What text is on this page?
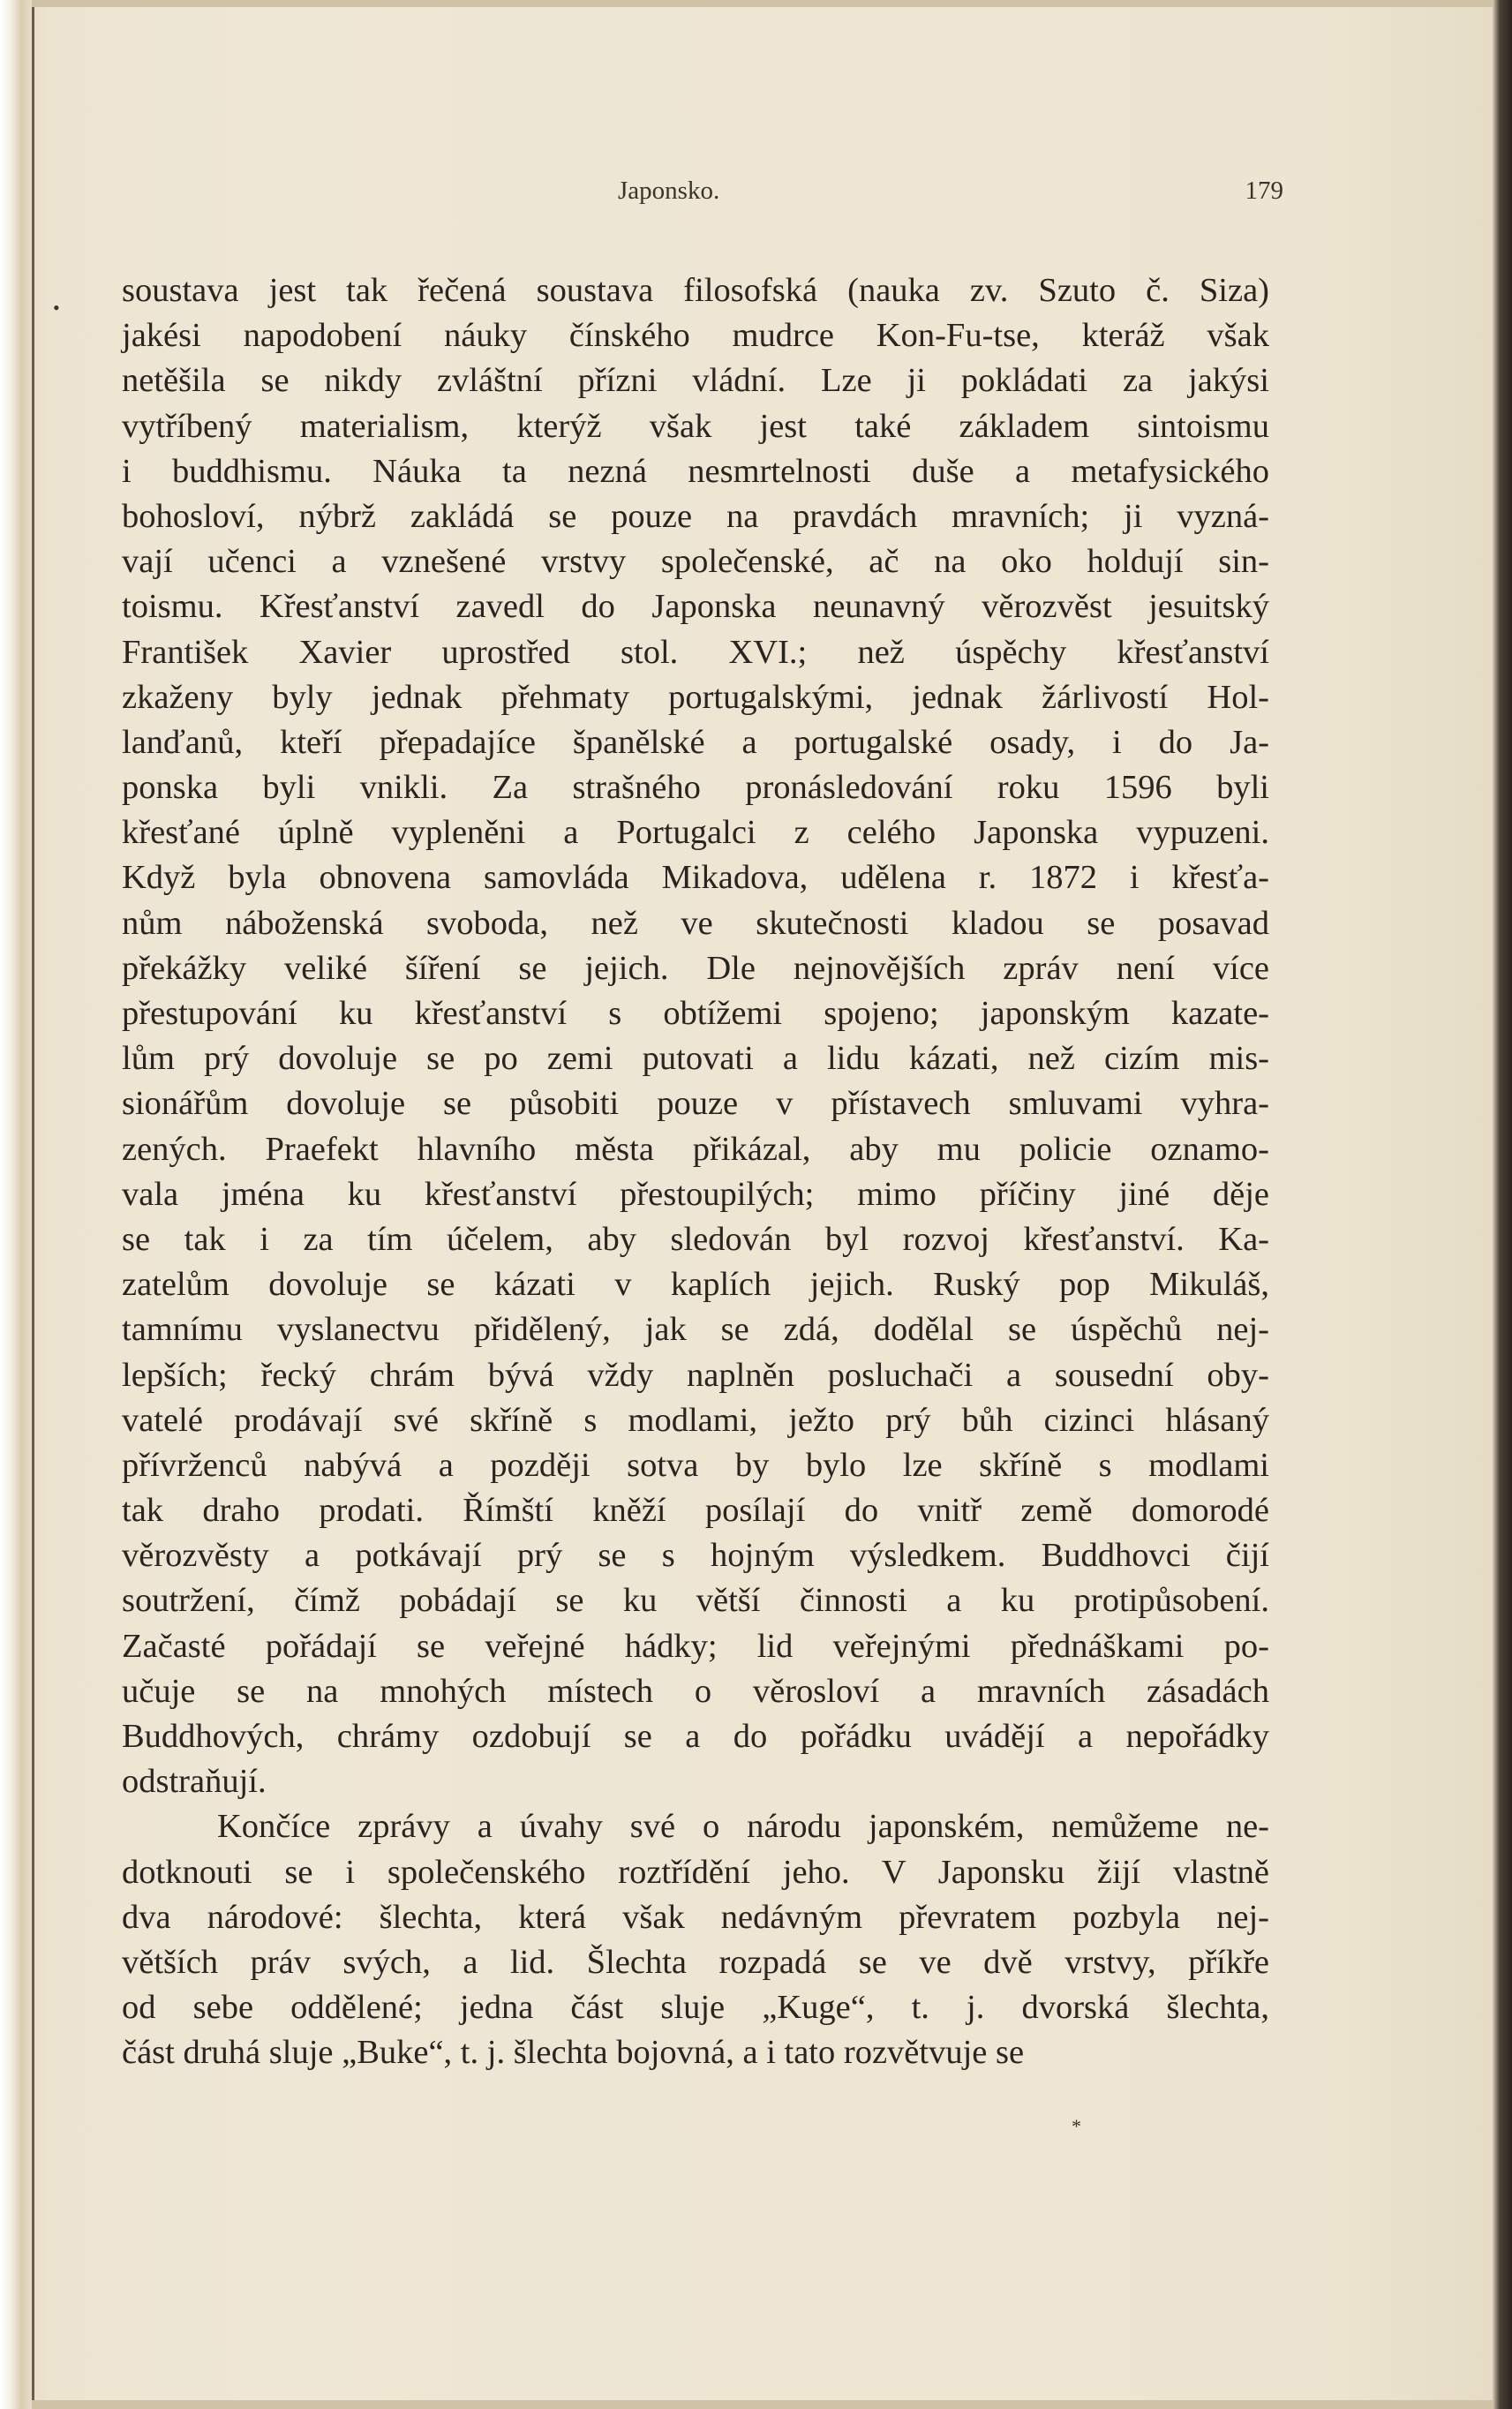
Japonsko.	179
• soustava jest tak řečená soustava filosofská (nauka zv. Szuto č. Siza)
jakési napodobení náuky čínského mudrce Kon-Fu-tse, kteráž však
netěšila se nikdy zvláštní přízni vládní. Lze ji pokládati za jakýsi
vytříbený materialism, kterýž však jest také základem sintoismu
i buddhismu. Náuka ta nezná nesmrtelnosti duše a metafysického
bohosloví, nýbrž zakládá se pouze na pravdách mravních; ji vyzná-
vají učenci a vznešené vrstvy společenské, ač na oko holdují sin-
toismu. Křesťanství zavedl do Japonska neunavný věrozvěst jesuitský
František Xavier uprostřed stol. XVI.; než úspěchy křesťanství
zkaženy byly jednak přehmaty portugalskými, jednak žárlivostí Hol-
lanďanů, kteří přepadajíce španělské a portugalské osady, i do Ja-
ponska byli vnikli. Za strašného pronásledování roku 1596 byli
křesťané úplně vypleněni a Portugalci z celého Japonska vypuzeni.
Když byla obnovena samovláda Mikadova, udělena r. 1872 i křesťa-
nům náboženská svoboda, než ve skutečnosti kladou se posavad
překážky veliké šíření se jejich. Dle nejnovějších zpráv není více
přestupování ku křesťanství s obtížemi spojeno; japonským kazate-
lům prý dovoluje se po zemi putovati a lidu kázati, než cizím mis-
sionářům dovoluje se působiti pouze v přístavech smluvami vyhra-
zených. Praefekt hlavního města přikázal, aby mu policie oznamo-
vala jména ku křesťanství přestoupilých; mimo příčiny jiné děje
se tak i za tím účelem, aby sledován byl rozvoj křesťanství. Ka-
zatelům dovoluje se kázati v kaplích jejich. Ruský pop Mikuláš,
tamnímu vyslanectvu přidělený, jak se zdá, dodělal se úspěchů nej-
lepších; řecký chrám bývá vždy naplněn posluchači a sousední oby-
vatelé prodávají své skříně s modlami, ježto prý bůh cizinci hlásaný
přívrženců nabývá a později sotva by bylo lze skříně s modlami
tak draho prodati. Římští kněží posílají do vnitř země domorodé
věrozvěsty a potkávají prý se s hojným výsledkem. Buddhovci čijí
soutržení, čímž pobádají se ku větší činnosti a ku protipůsobení.
Začasté pořádají se veřejné hádky; lid veřejnými přednáškami po-
učuje se na mnohých místech o věrosloví a mravních zásadách
Buddhových, chrámy ozdobují se a do pořádku uvádějí a nepořádky
odstraňují.
Končíce zprávy a úvahy své o národu japonském, nemůžeme ne-
dotknouti se i společenského roztřídění jeho. V Japonsku žijí vlastně
dva národové: šlechta, která však nedávným převratem pozbyla nej-
větších práv svých, a lid. Šlechta rozpadá se ve dvě vrstvy, příkře
od sebe oddělené; jedna část sluje „Kuge“, t. j. dvorská šlechta,
část druhá sluje „Buke“, t. j. šlechta bojovná, a i tato rozvětvuje se
*
